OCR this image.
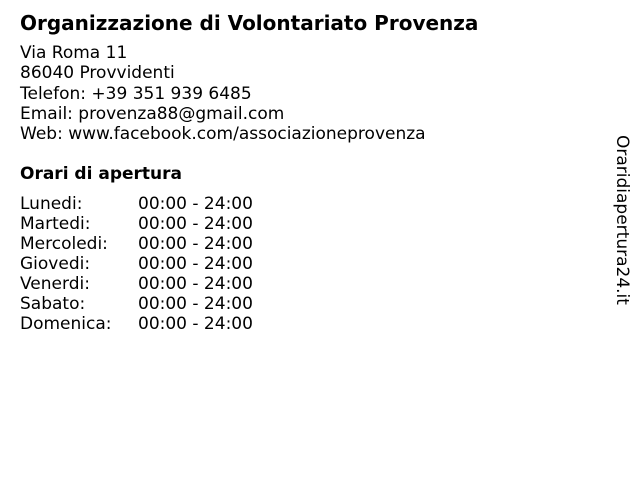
Organizzazione di Volontariato Provenza
Via Roma 11
86040 Provvidenti
Telefon: +39 351 939 6485
Email: provenza88@gmail.com
Web: www.facebook.com/associazioneprovenza
Orari di apertura
Lunedi:	00:00 - 24:00
Martedi:	00:00 - 24:00
Mercoledi: 00:00 - 24:00
Giovedi:	00:00 - 24:00
Venerdi:	00:00 - 24:00
Sabato:	00:00 - 24:00
Domenica: 00:00 - 24:00
Oraridiapertura24.it
